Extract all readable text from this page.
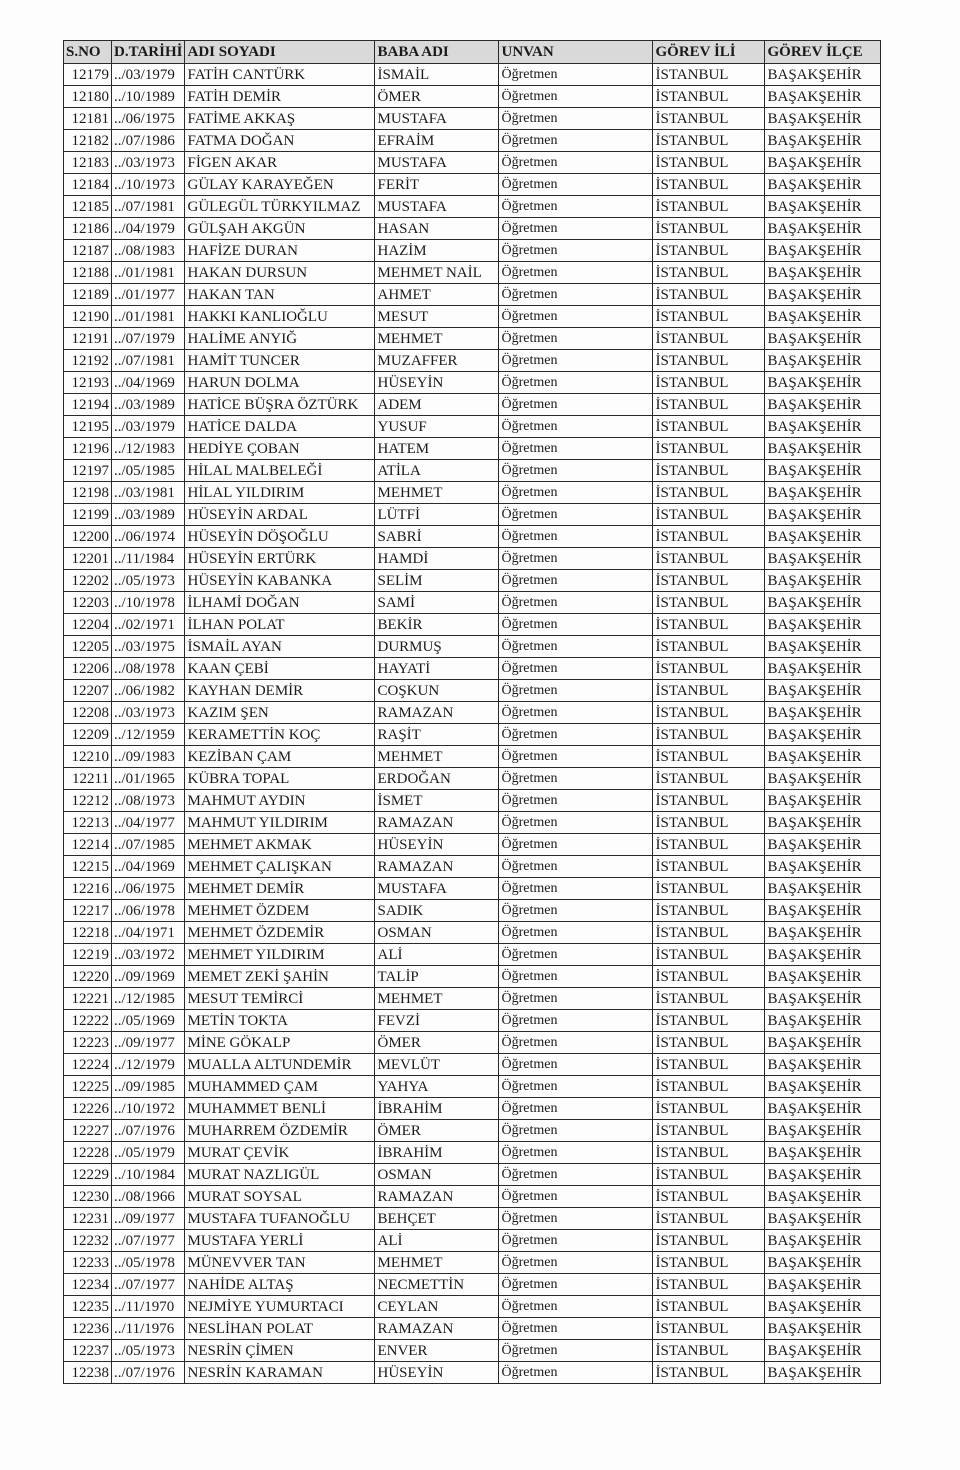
S.NO	D.TARİHİ	ADI SOYADI	BABA ADI	UNVAN	GÖREV İLİ	GÖREV İLÇE
12179	../03/1979	FATİH CANTÜRK	İSMAİL	Öğretmen	İSTANBUL	BAŞAKŞEHİR
12180	../10/1989	FATİH DEMİR	ÖMER	Öğretmen	İSTANBUL	BAŞAKŞEHİR
12181	../06/1975	FATİME AKKAŞ	MUSTAFA	Öğretmen	İSTANBUL	BAŞAKŞEHİR
12182	../07/1986	FATMA DOĞAN	EFRAİM	Öğretmen	İSTANBUL	BAŞAKŞEHİR
12183	../03/1973	FİGEN AKAR	MUSTAFA	Öğretmen	İSTANBUL	BAŞAKŞEHİR
12184	../10/1973	GÜLAY KARAYEĞEN	FERİT	Öğretmen	İSTANBUL	BAŞAKŞEHİR
12185	../07/1981	GÜLEGÜL TÜRKYILMAZ	MUSTAFA	Öğretmen	İSTANBUL	BAŞAKŞEHİR
12186	../04/1979	GÜLŞAH AKGÜN	HASAN	Öğretmen	İSTANBUL	BAŞAKŞEHİR
12187	../08/1983	HAFİZE DURAN	HAZİM	Öğretmen	İSTANBUL	BAŞAKŞEHİR
12188	../01/1981	HAKAN DURSUN	MEHMET NAİL	Öğretmen	İSTANBUL	BAŞAKŞEHİR
12189	../01/1977	HAKAN TAN	AHMET	Öğretmen	İSTANBUL	BAŞAKŞEHİR
12190	../01/1981	HAKKI KANLIOĞLU	MESUT	Öğretmen	İSTANBUL	BAŞAKŞEHİR
12191	../07/1979	HALİME ANYIĞ	MEHMET	Öğretmen	İSTANBUL	BAŞAKŞEHİR
12192	../07/1981	HAMİT TUNCER	MUZAFFER	Öğretmen	İSTANBUL	BAŞAKŞEHİR
12193	../04/1969	HARUN DOLMA	HÜSEYİN	Öğretmen	İSTANBUL	BAŞAKŞEHİR
12194	../03/1989	HATİCE BÜŞRA ÖZTÜRK	ADEM	Öğretmen	İSTANBUL	BAŞAKŞEHİR
12195	../03/1979	HATİCE DALDA	YUSUF	Öğretmen	İSTANBUL	BAŞAKŞEHİR
12196	../12/1983	HEDİYE ÇOBAN	HATEM	Öğretmen	İSTANBUL	BAŞAKŞEHİR
12197	../05/1985	HİLAL MALBELEĞİ	ATİLA	Öğretmen	İSTANBUL	BAŞAKŞEHİR
12198	../03/1981	HİLAL YILDIRIM	MEHMET	Öğretmen	İSTANBUL	BAŞAKŞEHİR
12199	../03/1989	HÜSEYİN ARDAL	LÜTFİ	Öğretmen	İSTANBUL	BAŞAKŞEHİR
12200	../06/1974	HÜSEYİN DÖŞOĞLU	SABRİ	Öğretmen	İSTANBUL	BAŞAKŞEHİR
12201	../11/1984	HÜSEYİN ERTÜRK	HAMDİ	Öğretmen	İSTANBUL	BAŞAKŞEHİR
12202	../05/1973	HÜSEYİN KABANKA	SELİM	Öğretmen	İSTANBUL	BAŞAKŞEHİR
12203	../10/1978	İLHAMİ DOĞAN	SAMİ	Öğretmen	İSTANBUL	BAŞAKŞEHİR
12204	../02/1971	İLHAN POLAT	BEKİR	Öğretmen	İSTANBUL	BAŞAKŞEHİR
12205	../03/1975	İSMAİL AYAN	DURMUŞ	Öğretmen	İSTANBUL	BAŞAKŞEHİR
12206	../08/1978	KAAN ÇEBİ	HAYATİ	Öğretmen	İSTANBUL	BAŞAKŞEHİR
12207	../06/1982	KAYHAN DEMİR	COŞKUN	Öğretmen	İSTANBUL	BAŞAKŞEHİR
12208	../03/1973	KAZIM ŞEN	RAMAZAN	Öğretmen	İSTANBUL	BAŞAKŞEHİR
12209	../12/1959	KERAMETTİN KOÇ	RAŞİT	Öğretmen	İSTANBUL	BAŞAKŞEHİR
12210	../09/1983	KEZİBAN ÇAM	MEHMET	Öğretmen	İSTANBUL	BAŞAKŞEHİR
12211	../01/1965	KÜBRA TOPAL	ERDOĞAN	Öğretmen	İSTANBUL	BAŞAKŞEHİR
12212	../08/1973	MAHMUT AYDIN	İSMET	Öğretmen	İSTANBUL	BAŞAKŞEHİR
12213	../04/1977	MAHMUT YILDIRIM	RAMAZAN	Öğretmen	İSTANBUL	BAŞAKŞEHİR
12214	../07/1985	MEHMET AKMAK	HÜSEYİN	Öğretmen	İSTANBUL	BAŞAKŞEHİR
12215	../04/1969	MEHMET ÇALIŞKAN	RAMAZAN	Öğretmen	İSTANBUL	BAŞAKŞEHİR
12216	../06/1975	MEHMET DEMİR	MUSTAFA	Öğretmen	İSTANBUL	BAŞAKŞEHİR
12217	../06/1978	MEHMET ÖZDEM	SADIK	Öğretmen	İSTANBUL	BAŞAKŞEHİR
12218	../04/1971	MEHMET ÖZDEMİR	OSMAN	Öğretmen	İSTANBUL	BAŞAKŞEHİR
12219	../03/1972	MEHMET YILDIRIM	ALİ	Öğretmen	İSTANBUL	BAŞAKŞEHİR
12220	../09/1969	MEMET ZEKİ ŞAHİN	TALİP	Öğretmen	İSTANBUL	BAŞAKŞEHİR
12221	../12/1985	MESUT TEMİRCİ	MEHMET	Öğretmen	İSTANBUL	BAŞAKŞEHİR
12222	../05/1969	METİN TOKTA	FEVZİ	Öğretmen	İSTANBUL	BAŞAKŞEHİR
12223	../09/1977	MİNE GÖKALP	ÖMER	Öğretmen	İSTANBUL	BAŞAKŞEHİR
12224	../12/1979	MUALLA ALTUNDEMİR	MEVLÜT	Öğretmen	İSTANBUL	BAŞAKŞEHİR
12225	../09/1985	MUHAMMED ÇAM	YAHYA	Öğretmen	İSTANBUL	BAŞAKŞEHİR
12226	../10/1972	MUHAMMET BENLİ	İBRAHİM	Öğretmen	İSTANBUL	BAŞAKŞEHİR
12227	../07/1976	MUHARREM ÖZDEMİR	ÖMER	Öğretmen	İSTANBUL	BAŞAKŞEHİR
12228	../05/1979	MURAT ÇEVİK	İBRAHİM	Öğretmen	İSTANBUL	BAŞAKŞEHİR
12229	../10/1984	MURAT NAZLIGÜL	OSMAN	Öğretmen	İSTANBUL	BAŞAKŞEHİR
12230	../08/1966	MURAT SOYSAL	RAMAZAN	Öğretmen	İSTANBUL	BAŞAKŞEHİR
12231	../09/1977	MUSTAFA TUFANOĞLU	BEHÇET	Öğretmen	İSTANBUL	BAŞAKŞEHİR
12232	../07/1977	MUSTAFA YERLİ	ALİ	Öğretmen	İSTANBUL	BAŞAKŞEHİR
12233	../05/1978	MÜNEVVER TAN	MEHMET	Öğretmen	İSTANBUL	BAŞAKŞEHİR
12234	../07/1977	NAHİDE ALTAŞ	NECMETTİN	Öğretmen	İSTANBUL	BAŞAKŞEHİR
12235	../11/1970	NEJMİYE YUMURTACI	CEYLAN	Öğretmen	İSTANBUL	BAŞAKŞEHİR
12236	../11/1976	NESLİHAN POLAT	RAMAZAN	Öğretmen	İSTANBUL	BAŞAKŞEHİR
12237	../05/1973	NESRİN ÇİMEN	ENVER	Öğretmen	İSTANBUL	BAŞAKŞEHİR
12238	../07/1976	NESRİN KARAMAN	HÜSEYİN	Öğretmen	İSTANBUL	BAŞAKŞEHİR
